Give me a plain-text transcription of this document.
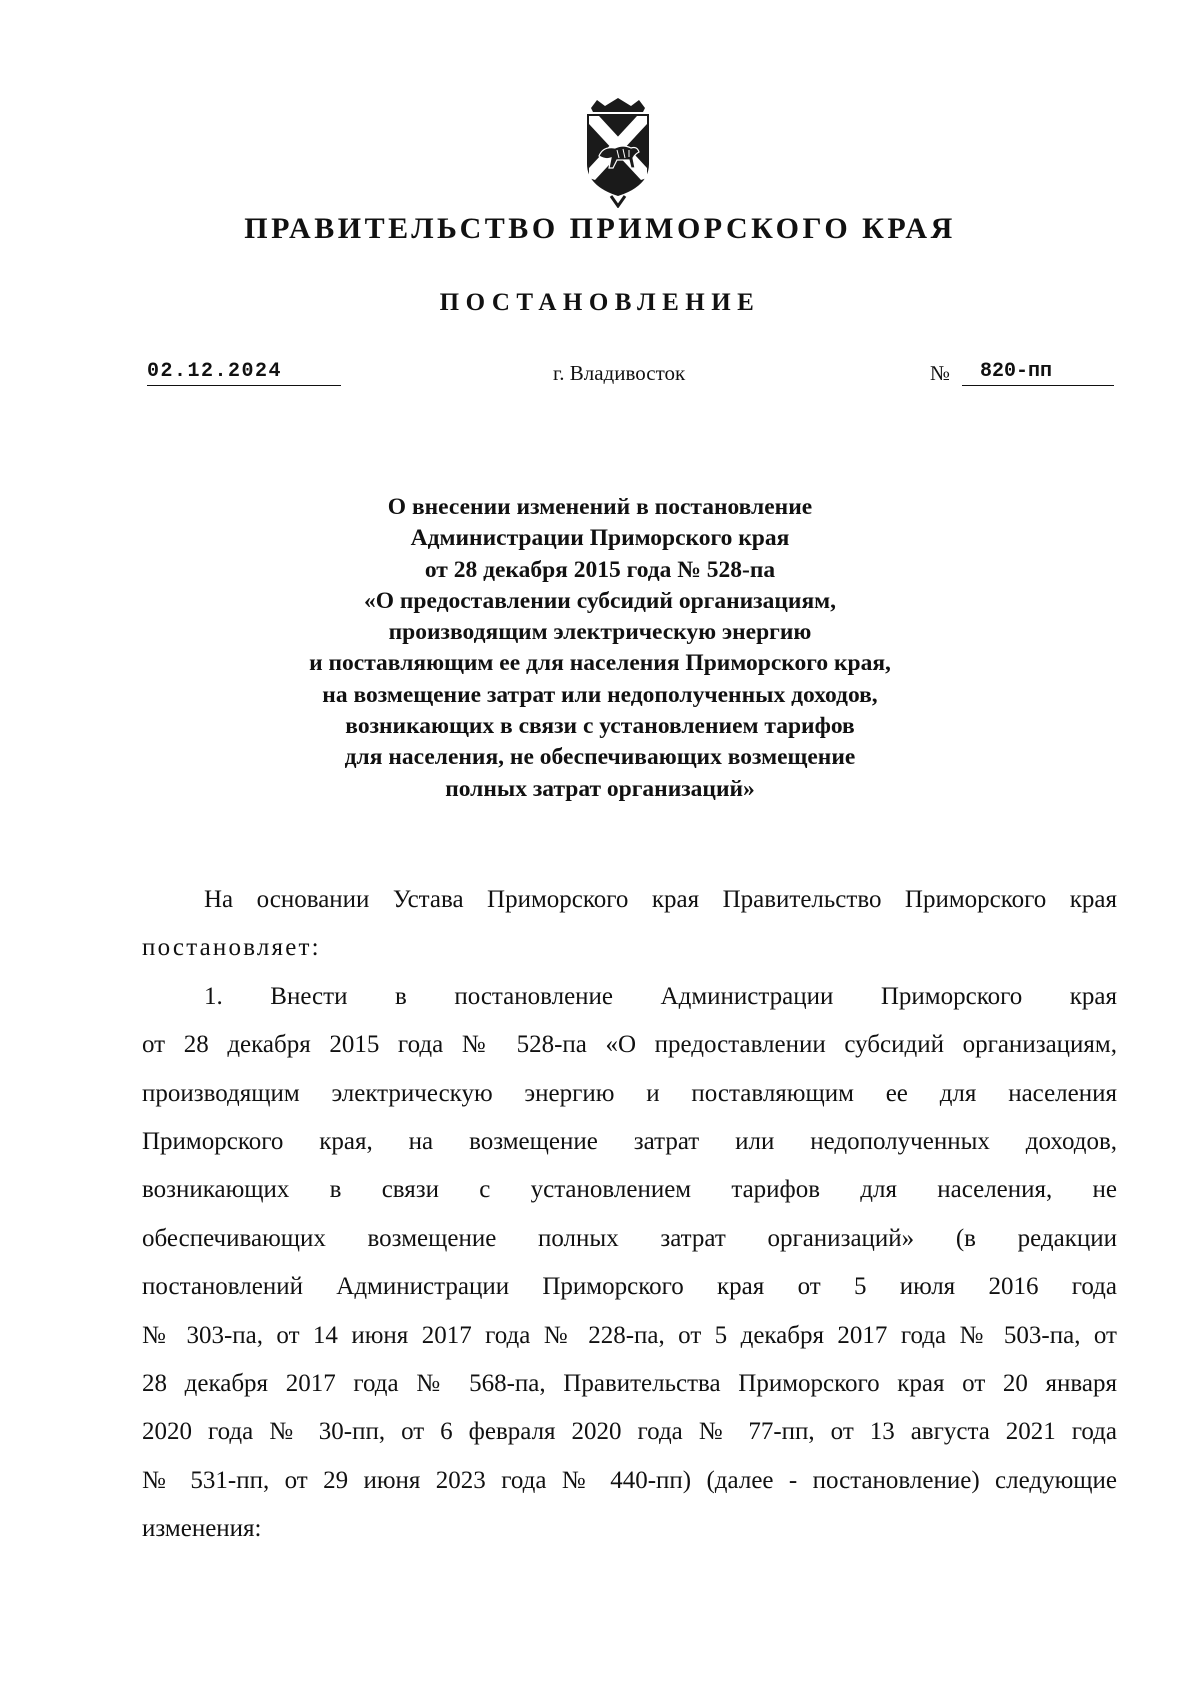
ПРАВИТЕЛЬСТВО ПРИМОРСКОГО КРАЯ
ПОСТАНОВЛЕНИЕ
02.12.2024	г. Владивосток	№	820-пп
О внесении изменений в постановление
Администрации Приморского края
от 28 декабря 2015 года № 528-па
«О предоставлении субсидий организациям,
производящим электрическую энергию
и поставляющим ее для населения Приморского края,
на возмещение затрат или недополученных доходов,
возникающих в связи с установлением тарифов
для населения, не обеспечивающих возмещение
полных затрат организаций»
На основании Устава Приморского края Правительство Приморского края
постановляет:
1. Внести в постановление Администрации Приморского края
от 28 декабря 2015 года № 528-па «О предоставлении субсидий организациям,
производящим электрическую энергию и поставляющим ее для населения
Приморского края, на возмещение затрат или недополученных доходов,
возникающих в связи с установлением тарифов для населения, не
обеспечивающих возмещение полных затрат организаций» (в редакции
постановлений Администрации Приморского края от 5 июля 2016 года
№ 303-па, от 14 июня 2017 года № 228-па, от 5 декабря 2017 года № 503-па, от
28 декабря 2017 года № 568-па, Правительства Приморского края от 20 января
2020 года № 30-пп, от 6 февраля 2020 года № 77-пп, от 13 августа 2021 года
№ 531-пп, от 29 июня 2023 года № 440-пп) (далее - постановление) следующие
изменения:
